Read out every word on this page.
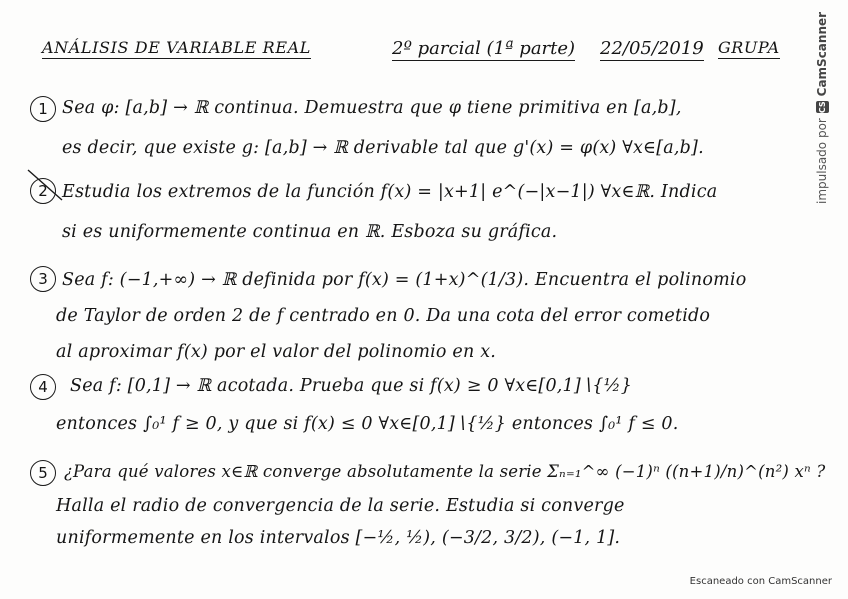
ANÁLISIS DE VARIABLE REAL	2º parcial (1ª parte) 22/05/2019 GRUPA
1 Sea φ: [a,b] → ℝ continua. Demuestra que φ tiene primitiva en [a,b],
es decir, que existe g: [a,b] → ℝ derivable tal que g'(x) = φ(x) ∀x∈[a,b].
2 Estudia los extremos de la función f(x) = |x+1| e^(−|x−1|) ∀x∈ℝ. Indica
si es uniformemente continua en ℝ. Esboza su gráfica.
3 Sea f: (−1,+∞) → ℝ definida por f(x) = (1+x)^(1/3). Encuentra el polinomio
de Taylor de orden 2 de f centrado en 0. Da una cota del error cometido
al aproximar f(x) por el valor del polinomio en x.
4	Sea f: [0,1] → ℝ acotada. Prueba que si f(x) ≥ 0 ∀x∈[0,1]∖{½}
entonces ∫₀¹ f ≥ 0, y que si f(x) ≤ 0 ∀x∈[0,1]∖{½} entonces ∫₀¹ f ≤ 0.
5 ¿Para qué valores x∈ℝ converge absolutamente la serie Σₙ₌₁^∞ (−1)ⁿ ((n+1)/n)^(n²) xⁿ ?
Halla el radio de convergencia de la serie. Estudia si converge
uniformemente en los intervalos [−½, ½), (−3/2, 3/2), (−1, 1].
impulsado por
CS
CamScanner
Escaneado con CamScanner
